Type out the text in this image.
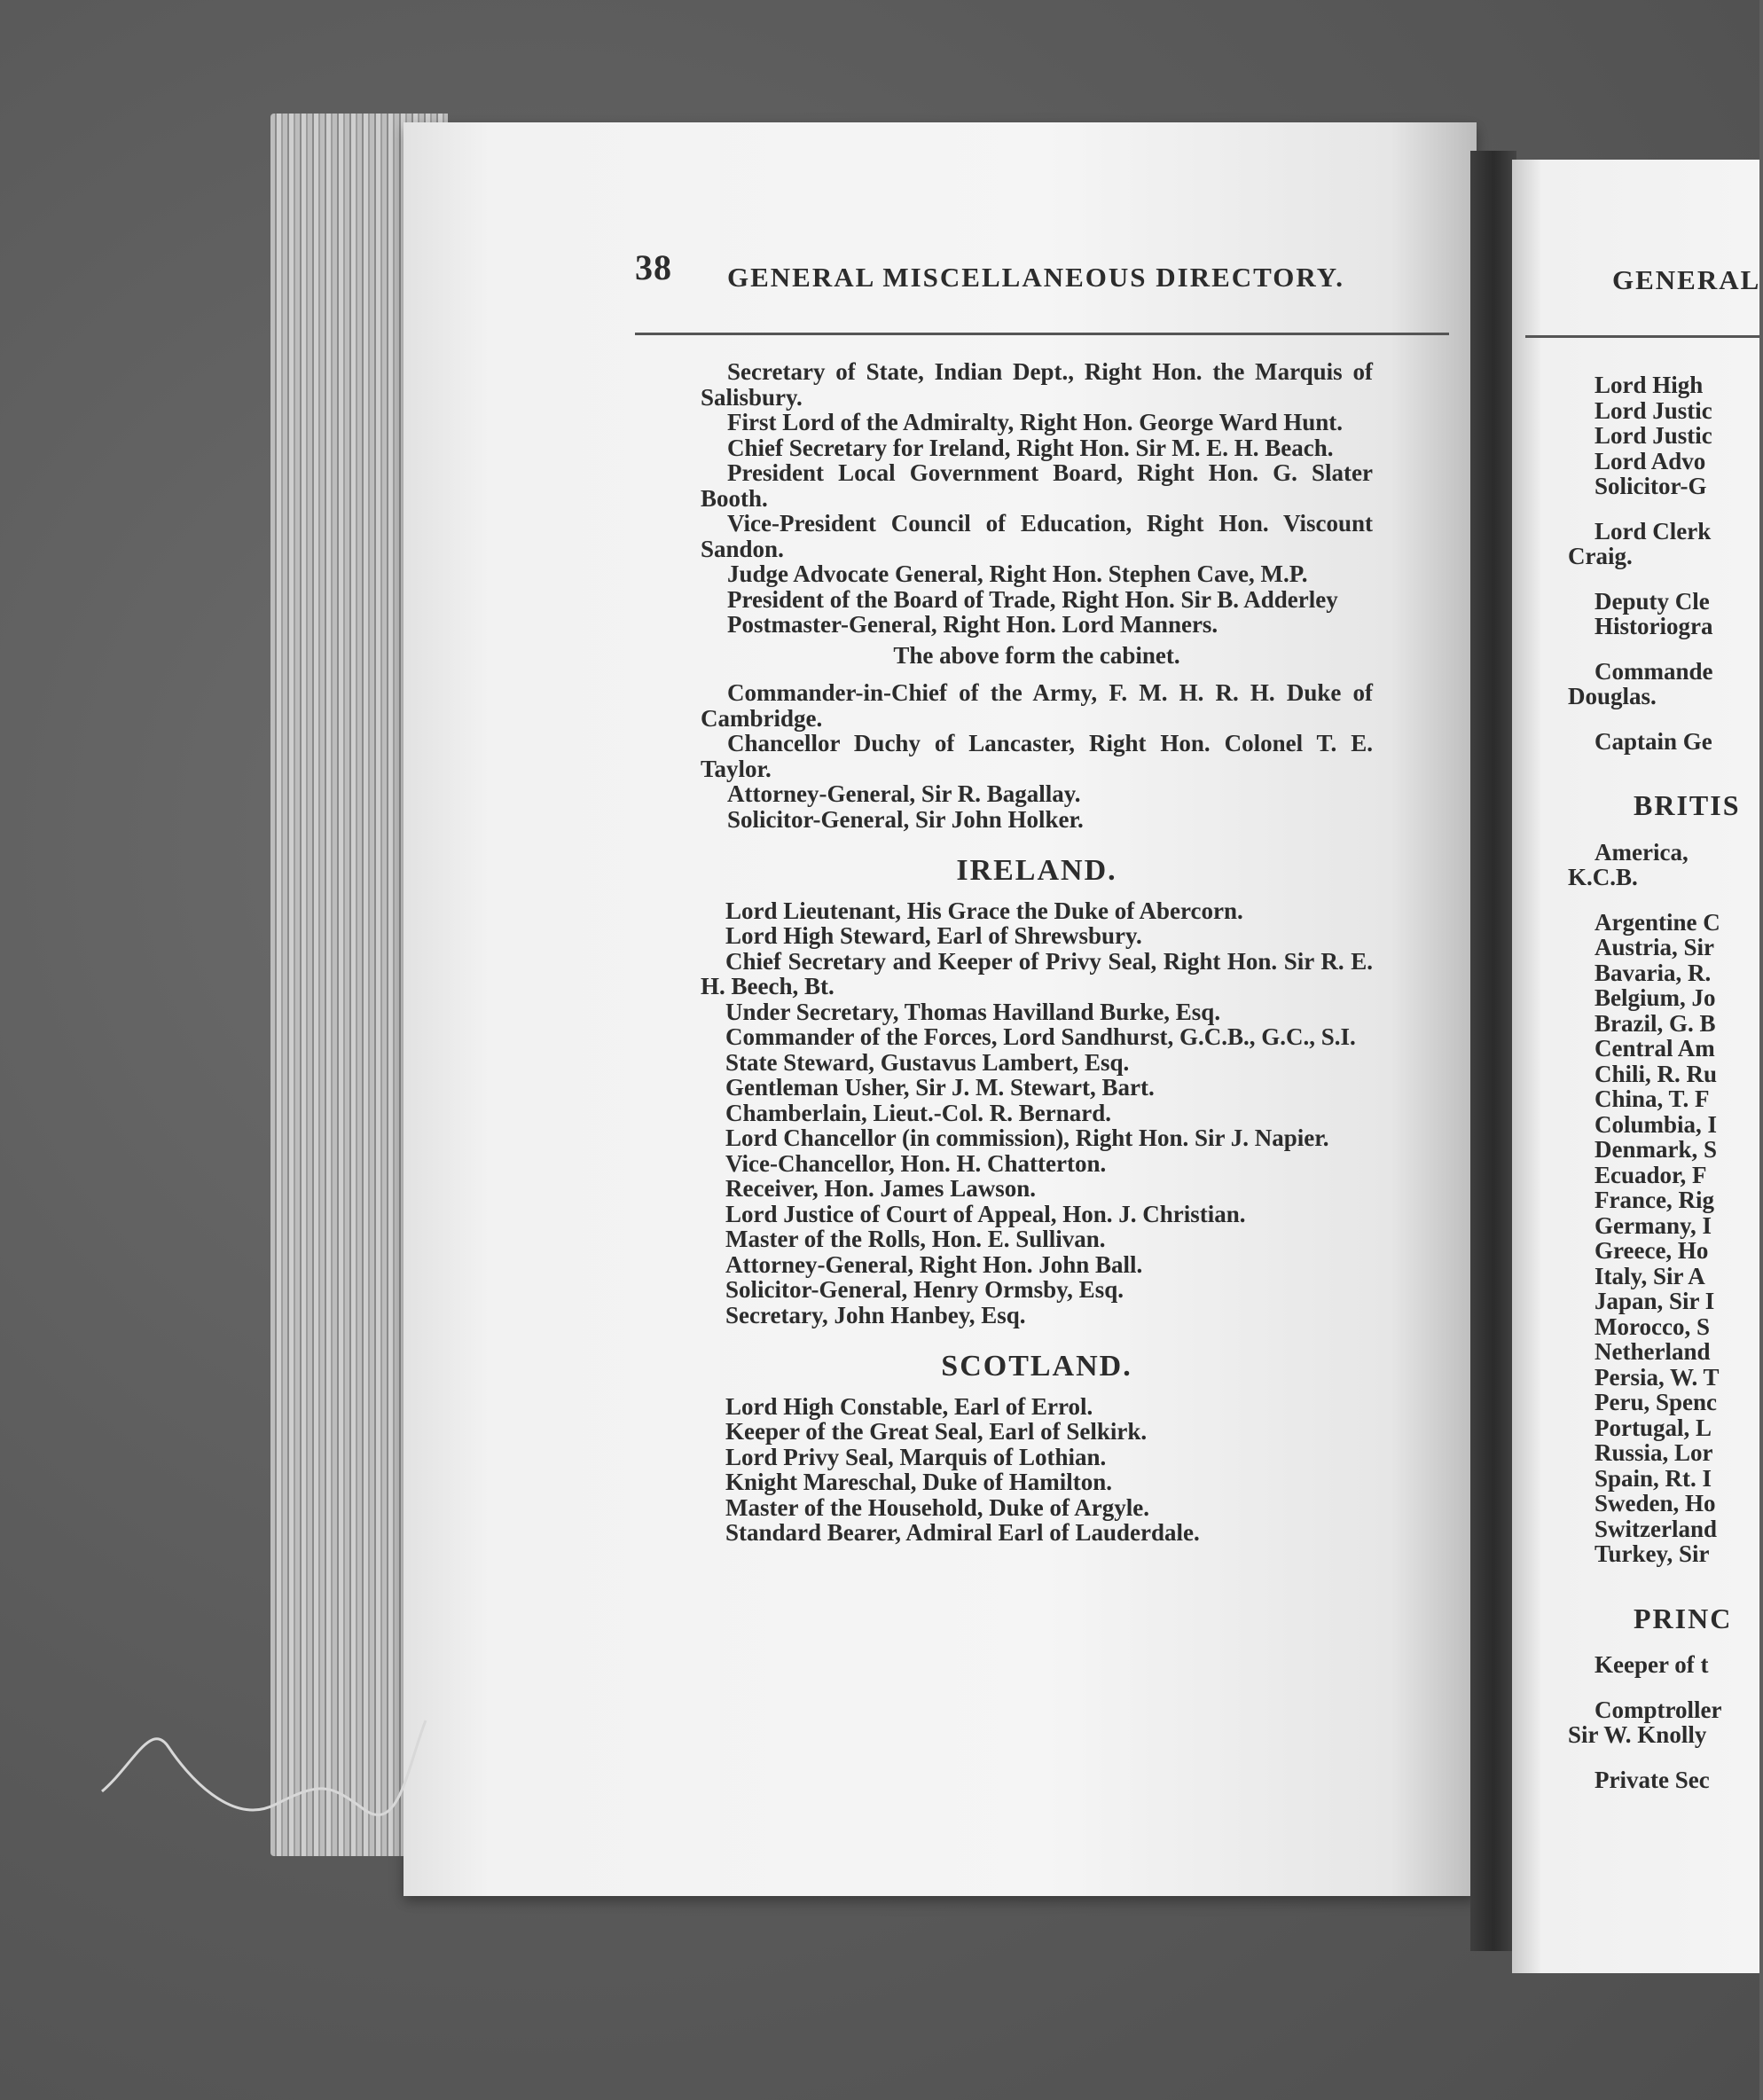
38 GENERAL MISCELLANEOUS DIRECTORY.

Secretary of State, Indian Dept., Right Hon. the Marquis of Salisbury.

First Lord of the Admiralty, Right Hon. George Ward Hunt.

Chief Secretary for Ireland, Right Hon. Sir M. E. H. Beach.

President Local Government Board, Right Hon. G. Slater Booth.

Vice-President Council of Education, Right Hon. Viscount Sandon.

Judge Advocate General, Right Hon. Stephen Cave, M.P.

President of the Board of Trade, Right Hon. Sir B. Adderley

Postmaster-General, Right Hon. Lord Manners.

The above form the cabinet.

Commander-in-Chief of the Army, F. M. H. R. H. Duke of Cambridge.

Chancellor Duchy of Lancaster, Right Hon. Colonel T. E. Taylor.

Attorney-General, Sir R. Bagallay.

Solicitor-General, Sir John Holker.

IRELAND.

Lord Lieutenant, His Grace the Duke of Abercorn.

Lord High Steward, Earl of Shrewsbury.

Chief Secretary and Keeper of Privy Seal, Right Hon. Sir R. E. H. Beech, Bt.

Under Secretary, Thomas Havilland Burke, Esq.

Commander of the Forces, Lord Sandhurst, G.C.B., G.C., S.I.

State Steward, Gustavus Lambert, Esq.

Gentleman Usher, Sir J. M. Stewart, Bart.

Chamberlain, Lieut.-Col. R. Bernard.

Lord Chancellor (in commission), Right Hon. Sir J. Napier.

Vice-Chancellor, Hon. H. Chatterton.

Receiver, Hon. James Lawson.

Lord Justice of Court of Appeal, Hon. J. Christian.

Master of the Rolls, Hon. E. Sullivan.

Attorney-General, Right Hon. John Ball.

Solicitor-General, Henry Ormsby, Esq.

Secretary, John Hanbey, Esq.

SCOTLAND.

Lord High Constable, Earl of Errol.

Keeper of the Great Seal, Earl of Selkirk.

Lord Privy Seal, Marquis of Lothian.

Knight Mareschal, Duke of Hamilton.

Master of the Household, Duke of Argyle.

Standard Bearer, Admiral Earl of Lauderdale.

GENERAL
Lord High
Lord Justic
Lord Justic
Lord Advo
Solicitor-G
Lord Clerk
Craig.
Deputy Cle
Historiogra
Commande
Douglas.
Captain Ge
BRITIS
America,
K.C.B.
Argentine C
Austria, Sir
Bavaria, R.
Belgium, Jo
Brazil, G. B
Central Am
Chili, R. Ru
China, T. F
Columbia, I
Denmark, S
Ecuador, F
France, Rig
Germany, I
Greece, Ho
Italy, Sir A
Japan, Sir I
Morocco, S
Netherland
Persia, W. T
Peru, Spenc
Portugal, L
Russia, Lor
Spain, Rt. I
Sweden, Ho
Switzerland
Turkey, Sir
PRINC
Keeper of t
Comptroller
Sir W. Knolly
Private Sec
